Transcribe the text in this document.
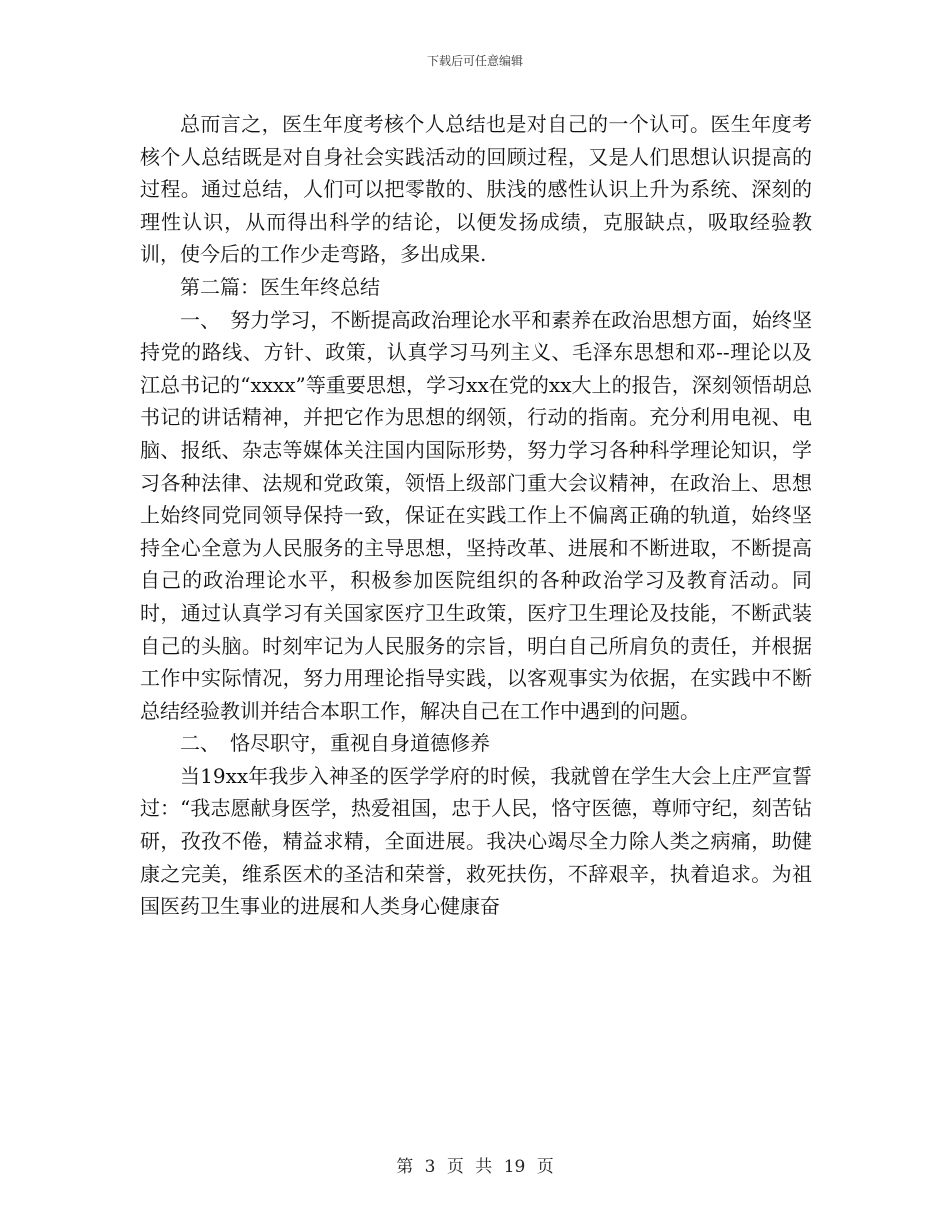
下载后可任意编辑

总而言之，医生年度考核个人总结也是对自己的一个认可。医生年度考核个人总结既是对自身社会实践活动的回顾过程，又是人们思想认识提高的过程。通过总结，人们可以把零散的、肤浅的感性认识上升为系统、深刻的理性认识，从而得出科学的结论，以便发扬成绩，克服缺点，吸取经验教训，使今后的工作少走弯路，多出成果.

第二篇：医生年终总结

一、　努力学习，不断提高政治理论水平和素养在政治思想方面，始终坚持党的路线、方针、政策，认真学习马列主义、毛泽东思想和邓--理论以及江总书记的“xxxx”等重要思想，学习xx在党的xx大上的报告，深刻领悟胡总书记的讲话精神，并把它作为思想的纲领，行动的指南。充分利用电视、电脑、报纸、杂志等媒体关注国内国际形势，努力学习各种科学理论知识，学习各种法律、法规和党政策，领悟上级部门重大会议精神，在政治上、思想上始终同党同领导保持一致，保证在实践工作上不偏离正确的轨道，始终坚持全心全意为人民服务的主导思想，坚持改革、进展和不断进取，不断提高自己的政治理论水平，积极参加医院组织的各种政治学习及教育活动。同时，通过认真学习有关国家医疗卫生政策，医疗卫生理论及技能，不断武装自己的头脑。时刻牢记为人民服务的宗旨，明白自己所肩负的责任，并根据工作中实际情况，努力用理论指导实践，以客观事实为依据，在实践中不断总结经验教训并结合本职工作，解决自己在工作中遇到的问题。

二、　恪尽职守，重视自身道德修养

当19xx年我步入神圣的医学学府的时候，我就曾在学生大会上庄严宣誓过：“我志愿献身医学，热爱祖国，忠于人民，恪守医德，尊师守纪，刻苦钻研，孜孜不倦，精益求精，全面进展。我决心竭尽全力除人类之病痛，助健康之完美，维系医术的圣洁和荣誉，救死扶伤，不辞艰辛，执着追求。为祖国医药卫生事业的进展和人类身心健康奋

第 3 页 共 19 页
